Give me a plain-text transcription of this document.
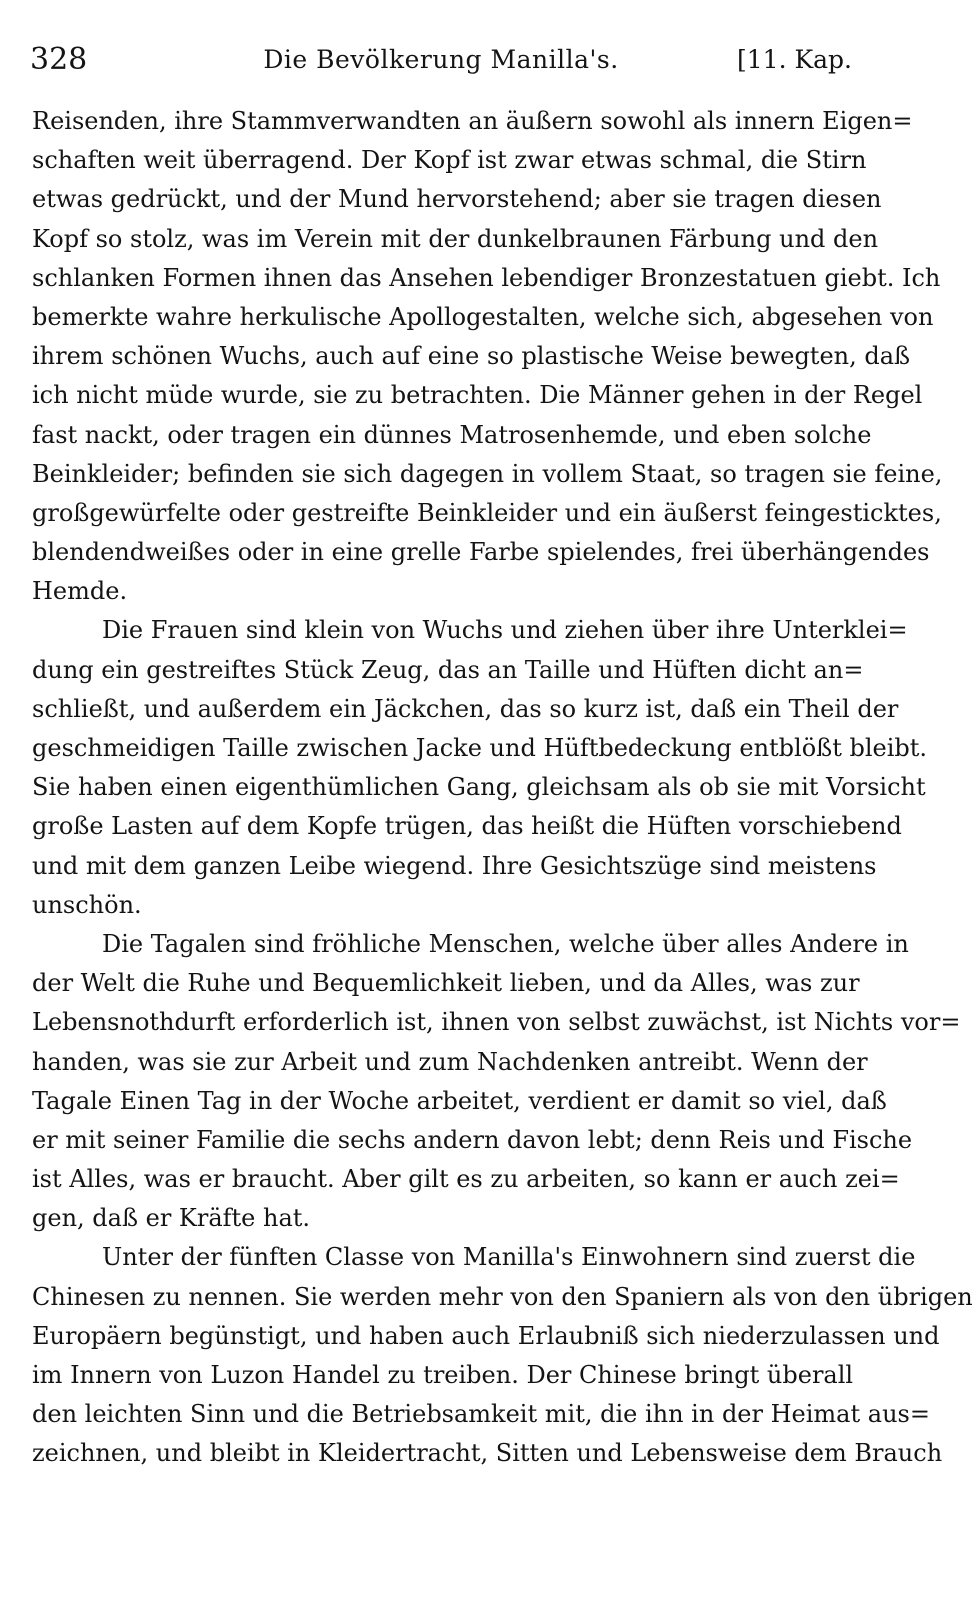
328	Die Bevölkerung Manilla's.	[11. Kap.
Reisenden, ihre Stammverwandten an äußern sowohl als innern Eigen=
schaften weit überragend. Der Kopf ist zwar etwas schmal, die Stirn
etwas gedrückt, und der Mund hervorstehend; aber sie tragen diesen
Kopf so stolz, was im Verein mit der dunkelbraunen Färbung und den
schlanken Formen ihnen das Ansehen lebendiger Bronzestatuen giebt. Ich
bemerkte wahre herkulische Apollogestalten, welche sich, abgesehen von
ihrem schönen Wuchs, auch auf eine so plastische Weise bewegten, daß
ich nicht müde wurde, sie zu betrachten. Die Männer gehen in der Regel
fast nackt, oder tragen ein dünnes Matrosenhemde, und eben solche
Beinkleider; befinden sie sich dagegen in vollem Staat, so tragen sie feine,
großgewürfelte oder gestreifte Beinkleider und ein äußerst feingesticktes,
blendendweißes oder in eine grelle Farbe spielendes, frei überhängendes
Hemde.
Die Frauen sind klein von Wuchs und ziehen über ihre Unterklei=
dung ein gestreiftes Stück Zeug, das an Taille und Hüften dicht an=
schließt, und außerdem ein Jäckchen, das so kurz ist, daß ein Theil der
geschmeidigen Taille zwischen Jacke und Hüftbedeckung entblößt bleibt.
Sie haben einen eigenthümlichen Gang, gleichsam als ob sie mit Vorsicht
große Lasten auf dem Kopfe trügen, das heißt die Hüften vorschiebend
und mit dem ganzen Leibe wiegend. Ihre Gesichtszüge sind meistens
unschön.
Die Tagalen sind fröhliche Menschen, welche über alles Andere in
der Welt die Ruhe und Bequemlichkeit lieben, und da Alles, was zur
Lebensnothdurft erforderlich ist, ihnen von selbst zuwächst, ist Nichts vor=
handen, was sie zur Arbeit und zum Nachdenken antreibt. Wenn der
Tagale Einen Tag in der Woche arbeitet, verdient er damit so viel, daß
er mit seiner Familie die sechs andern davon lebt; denn Reis und Fische
ist Alles, was er braucht. Aber gilt es zu arbeiten, so kann er auch zei=
gen, daß er Kräfte hat.
Unter der fünften Classe von Manilla's Einwohnern sind zuerst die
Chinesen zu nennen. Sie werden mehr von den Spaniern als von den übrigen
Europäern begünstigt, und haben auch Erlaubniß sich niederzulassen und
im Innern von Luzon Handel zu treiben. Der Chinese bringt überall
den leichten Sinn und die Betriebsamkeit mit, die ihn in der Heimat aus=
zeichnen, und bleibt in Kleidertracht, Sitten und Lebensweise dem Brauch
